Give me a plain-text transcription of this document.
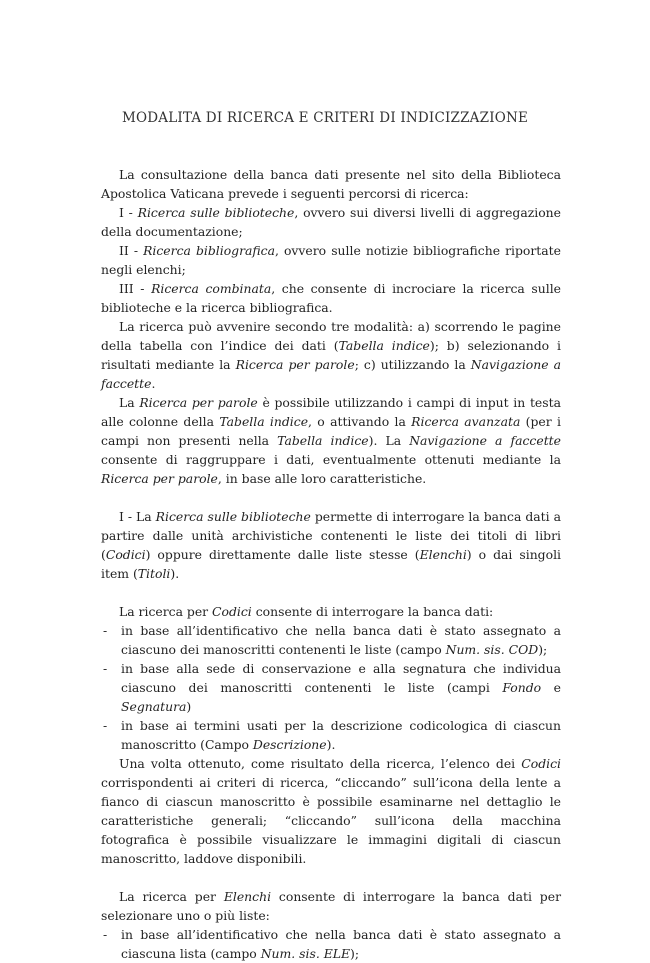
MODALITA DI RICERCA E CRITERI DI INDICIZZAZIONE

La consultazione della banca dati presente nel sito della Biblioteca Apostolica Vaticana prevede i seguenti percorsi di ricerca:

I - Ricerca sulle biblioteche, ovvero sui diversi livelli di aggregazione della documentazione;

II - Ricerca bibliografica, ovvero sulle notizie bibliografiche riportate negli elenchi;

III - Ricerca combinata, che consente di incrociare la ricerca sulle biblioteche e la ricerca bibliografica.

La ricerca può avvenire secondo tre modalità: a) scorrendo le pagine della tabella con l’indice dei dati (Tabella indice); b) selezionando i risultati mediante la Ricerca per parole; c) utilizzando la Navigazione a faccette.

La Ricerca per parole è possibile utilizzando i campi di input in testa alle colonne della Tabella indice, o attivando la Ricerca avanzata (per i campi non presenti nella Tabella indice). La Navigazione a faccette consente di raggruppare i dati, eventualmente ottenuti mediante la Ricerca per parole, in base alle loro caratteristiche.

I - La Ricerca sulle biblioteche permette di interrogare la banca dati a partire dalle unità archivistiche contenenti le liste dei titoli di libri (Codici) oppure direttamente dalle liste stesse (Elenchi) o dai singoli item (Titoli).

La ricerca per Codici consente di interrogare la banca dati:

- in base all’identificativo che nella banca dati è stato assegnato a ciascuno dei manoscritti contenenti le liste (campo Num. sis. COD);

- in base alla sede di conservazione e alla segnatura che individua ciascuno dei manoscritti contenenti le liste (campi Fondo e Segnatura)

- in base ai termini usati per la descrizione codicologica di ciascun manoscritto (Campo Descrizione).

Una volta ottenuto, come risultato della ricerca, l’elenco dei Codici corrispondenti ai criteri di ricerca, “cliccando” sull’icona della lente a fianco di ciascun manoscritto è possibile esaminarne nel dettaglio le caratteristiche generali; “cliccando” sull’icona della macchina fotografica è possibile visualizzare le immagini digitali di ciascun manoscritto, laddove disponibili.

La ricerca per Elenchi consente di interrogare la banca dati per selezionare uno o più liste:

- in base all’identificativo che nella banca dati è stato assegnato a ciascuna lista (campo Num. sis. ELE);
